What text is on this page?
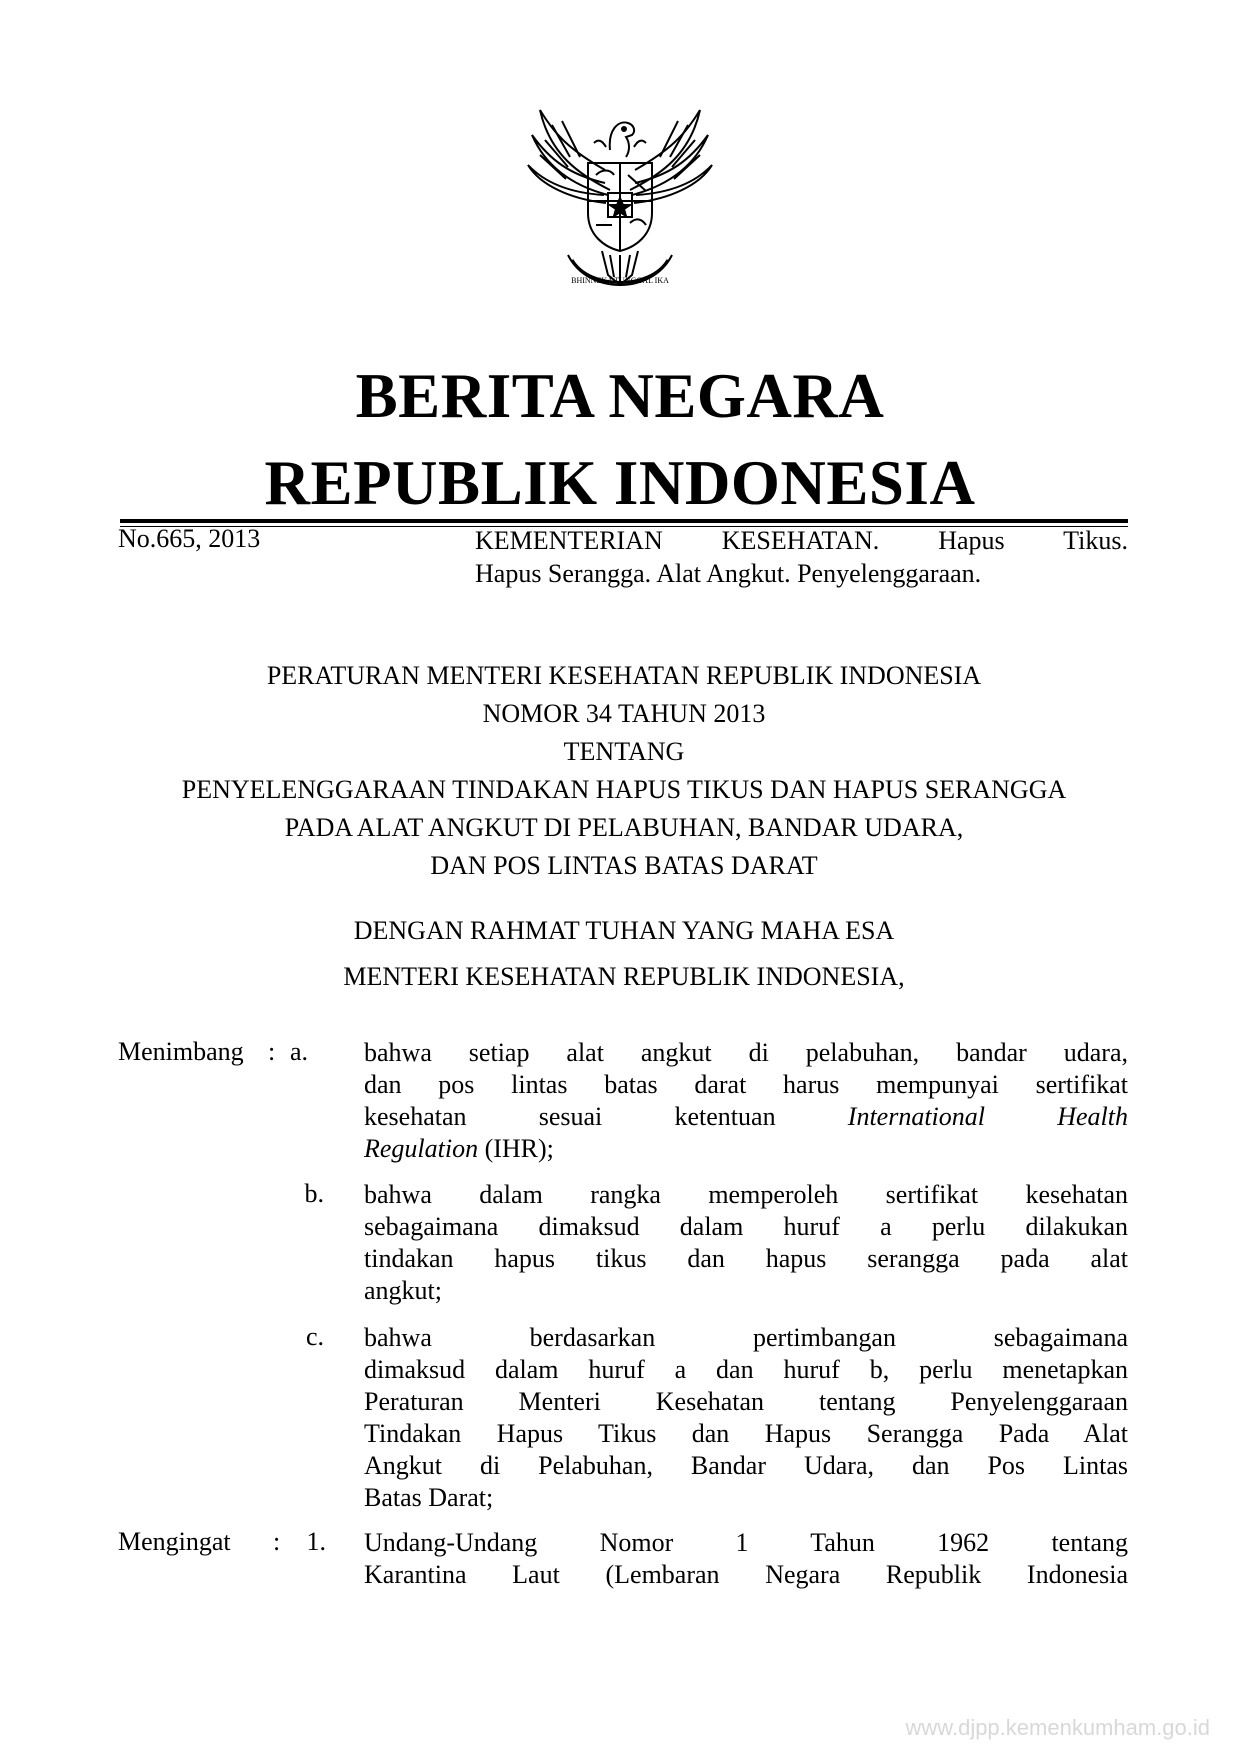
BHINNEKA TUNGGAL IKA
BERITA NEGARA
REPUBLIK INDONESIA
No.665, 2013	KEMENTERIAN KESEHATAN. Hapus Tikus.
Hapus Serangga. Alat Angkut. Penyelenggaraan.
PERATURAN MENTERI KESEHATAN REPUBLIK INDONESIA
NOMOR 34 TAHUN 2013
TENTANG
PENYELENGGARAAN TINDAKAN HAPUS TIKUS DAN HAPUS SERANGGA
PADA ALAT ANGKUT DI PELABUHAN, BANDAR UDARA,
DAN POS LINTAS BATAS DARAT
DENGAN RAHMAT TUHAN YANG MAHA ESA
MENTERI KESEHATAN REPUBLIK INDONESIA,
Menimbang : a. bahwa setiap alat angkut di pelabuhan, bandar udara,
dan pos lintas batas darat harus mempunyai sertifikat
kesehatan sesuai ketentuan	International Health
Regulation (IHR);
b. bahwa dalam rangka memperoleh sertifikat kesehatan
sebagaimana dimaksud dalam huruf a perlu dilakukan
tindakan hapus tikus dan hapus serangga pada alat
angkut;
c. bahwa berdasarkan pertimbangan sebagaimana
dimaksud dalam huruf a dan huruf b, perlu menetapkan
Peraturan Menteri Kesehatan tentang Penyelenggaraan
Tindakan Hapus Tikus dan Hapus Serangga Pada Alat
Angkut di Pelabuhan, Bandar Udara, dan Pos Lintas
Batas Darat;
Mengingat :	1. Undang-Undang Nomor 1 Tahun 1962 tentang
Karantina Laut (Lembaran Negara Republik Indonesia
www.djpp.kemenkumham.go.id
